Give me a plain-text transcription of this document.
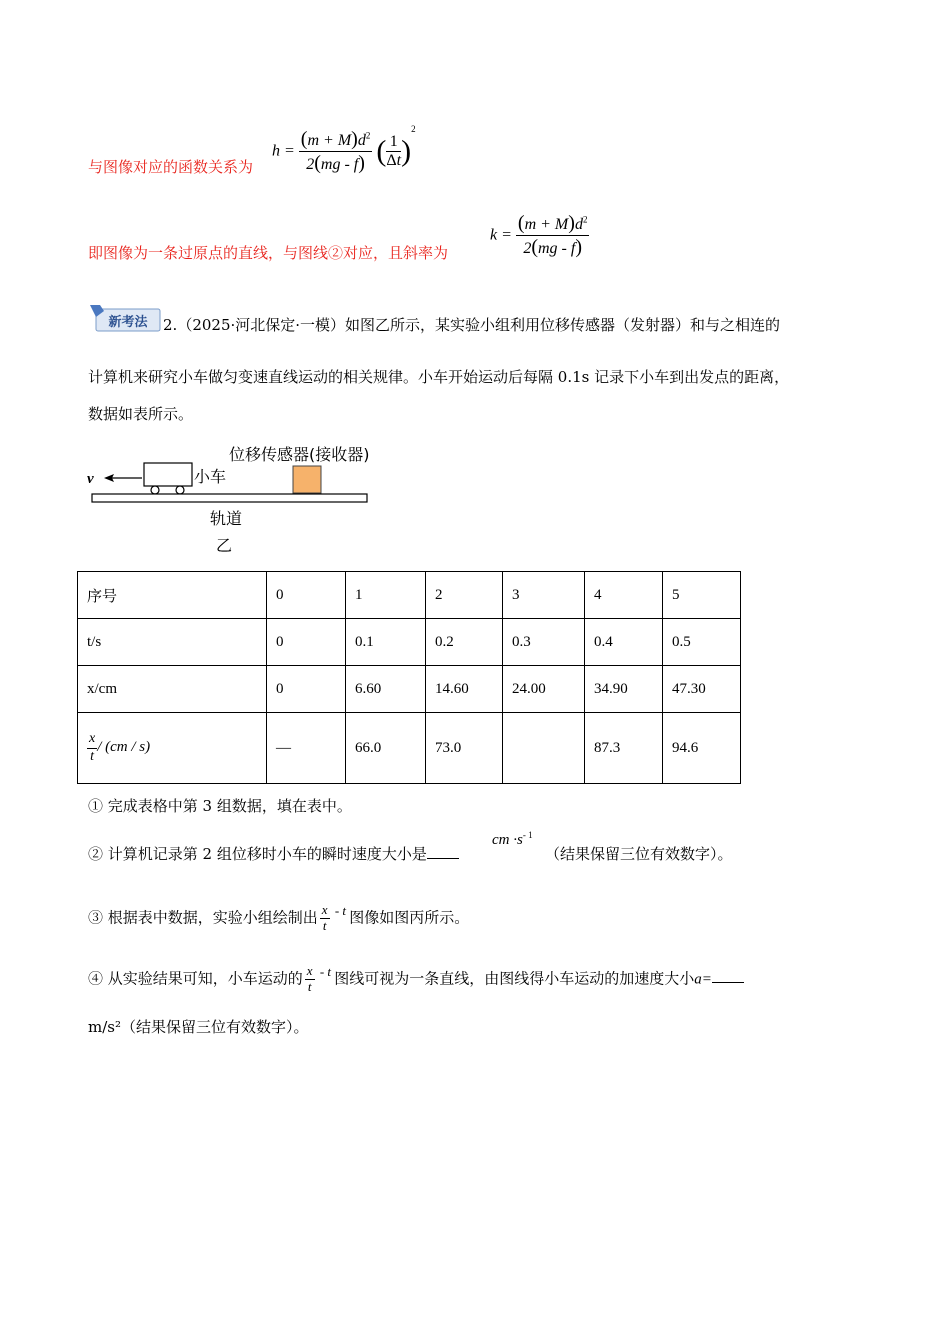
与图像对应的函数关系为
$h = \frac{(m + M)d^2}{2(mg - f)}$ ( $\frac{1}{\Delta t} )^2$
即图像为一条过原点的直线，与图线②对应，且斜率为
$k = \frac{(m + M)d^2}{2(mg - f)}$
新考法 2.（2025·河北保定·一模）如图乙所示，某实验小组利用位移传感器（发射器）和与之相连的
计算机来研究小车做匀变速直线运动的相关规律。小车开始运动后每隔 0.1s 记录下小车到出发点的距离，
数据如表所示。
位移传感器(接收器)
小车
v
轨道
乙
序号	0	1	2	3	4	5
t/s	0	0.1	0.2	0.3	0.4	0.5
x/cm	0	6.60	14.60	24.00	34.90	47.30

$\frac{x}{t} / (cm / s)$	—	66.0	73.0		87.3	94.6
① 完成表格中第 3 组数据，填在表中。
② 计算机记录第 2 组位移时小车的瞬时速度大小是
cm $\cdot s^{- 1}$
（结果保留三位有效数字）。
③ 根据表中数据，实验小组绘制出 $\frac{x}{t}$ - t 图像如图丙所示。
④ 从实验结果可知，小车运动的 $\frac{x}{t}$ - t 图线可视为一条直线，由图线得小车运动的加速度大小a=
m/s²（结果保留三位有效数字）。
